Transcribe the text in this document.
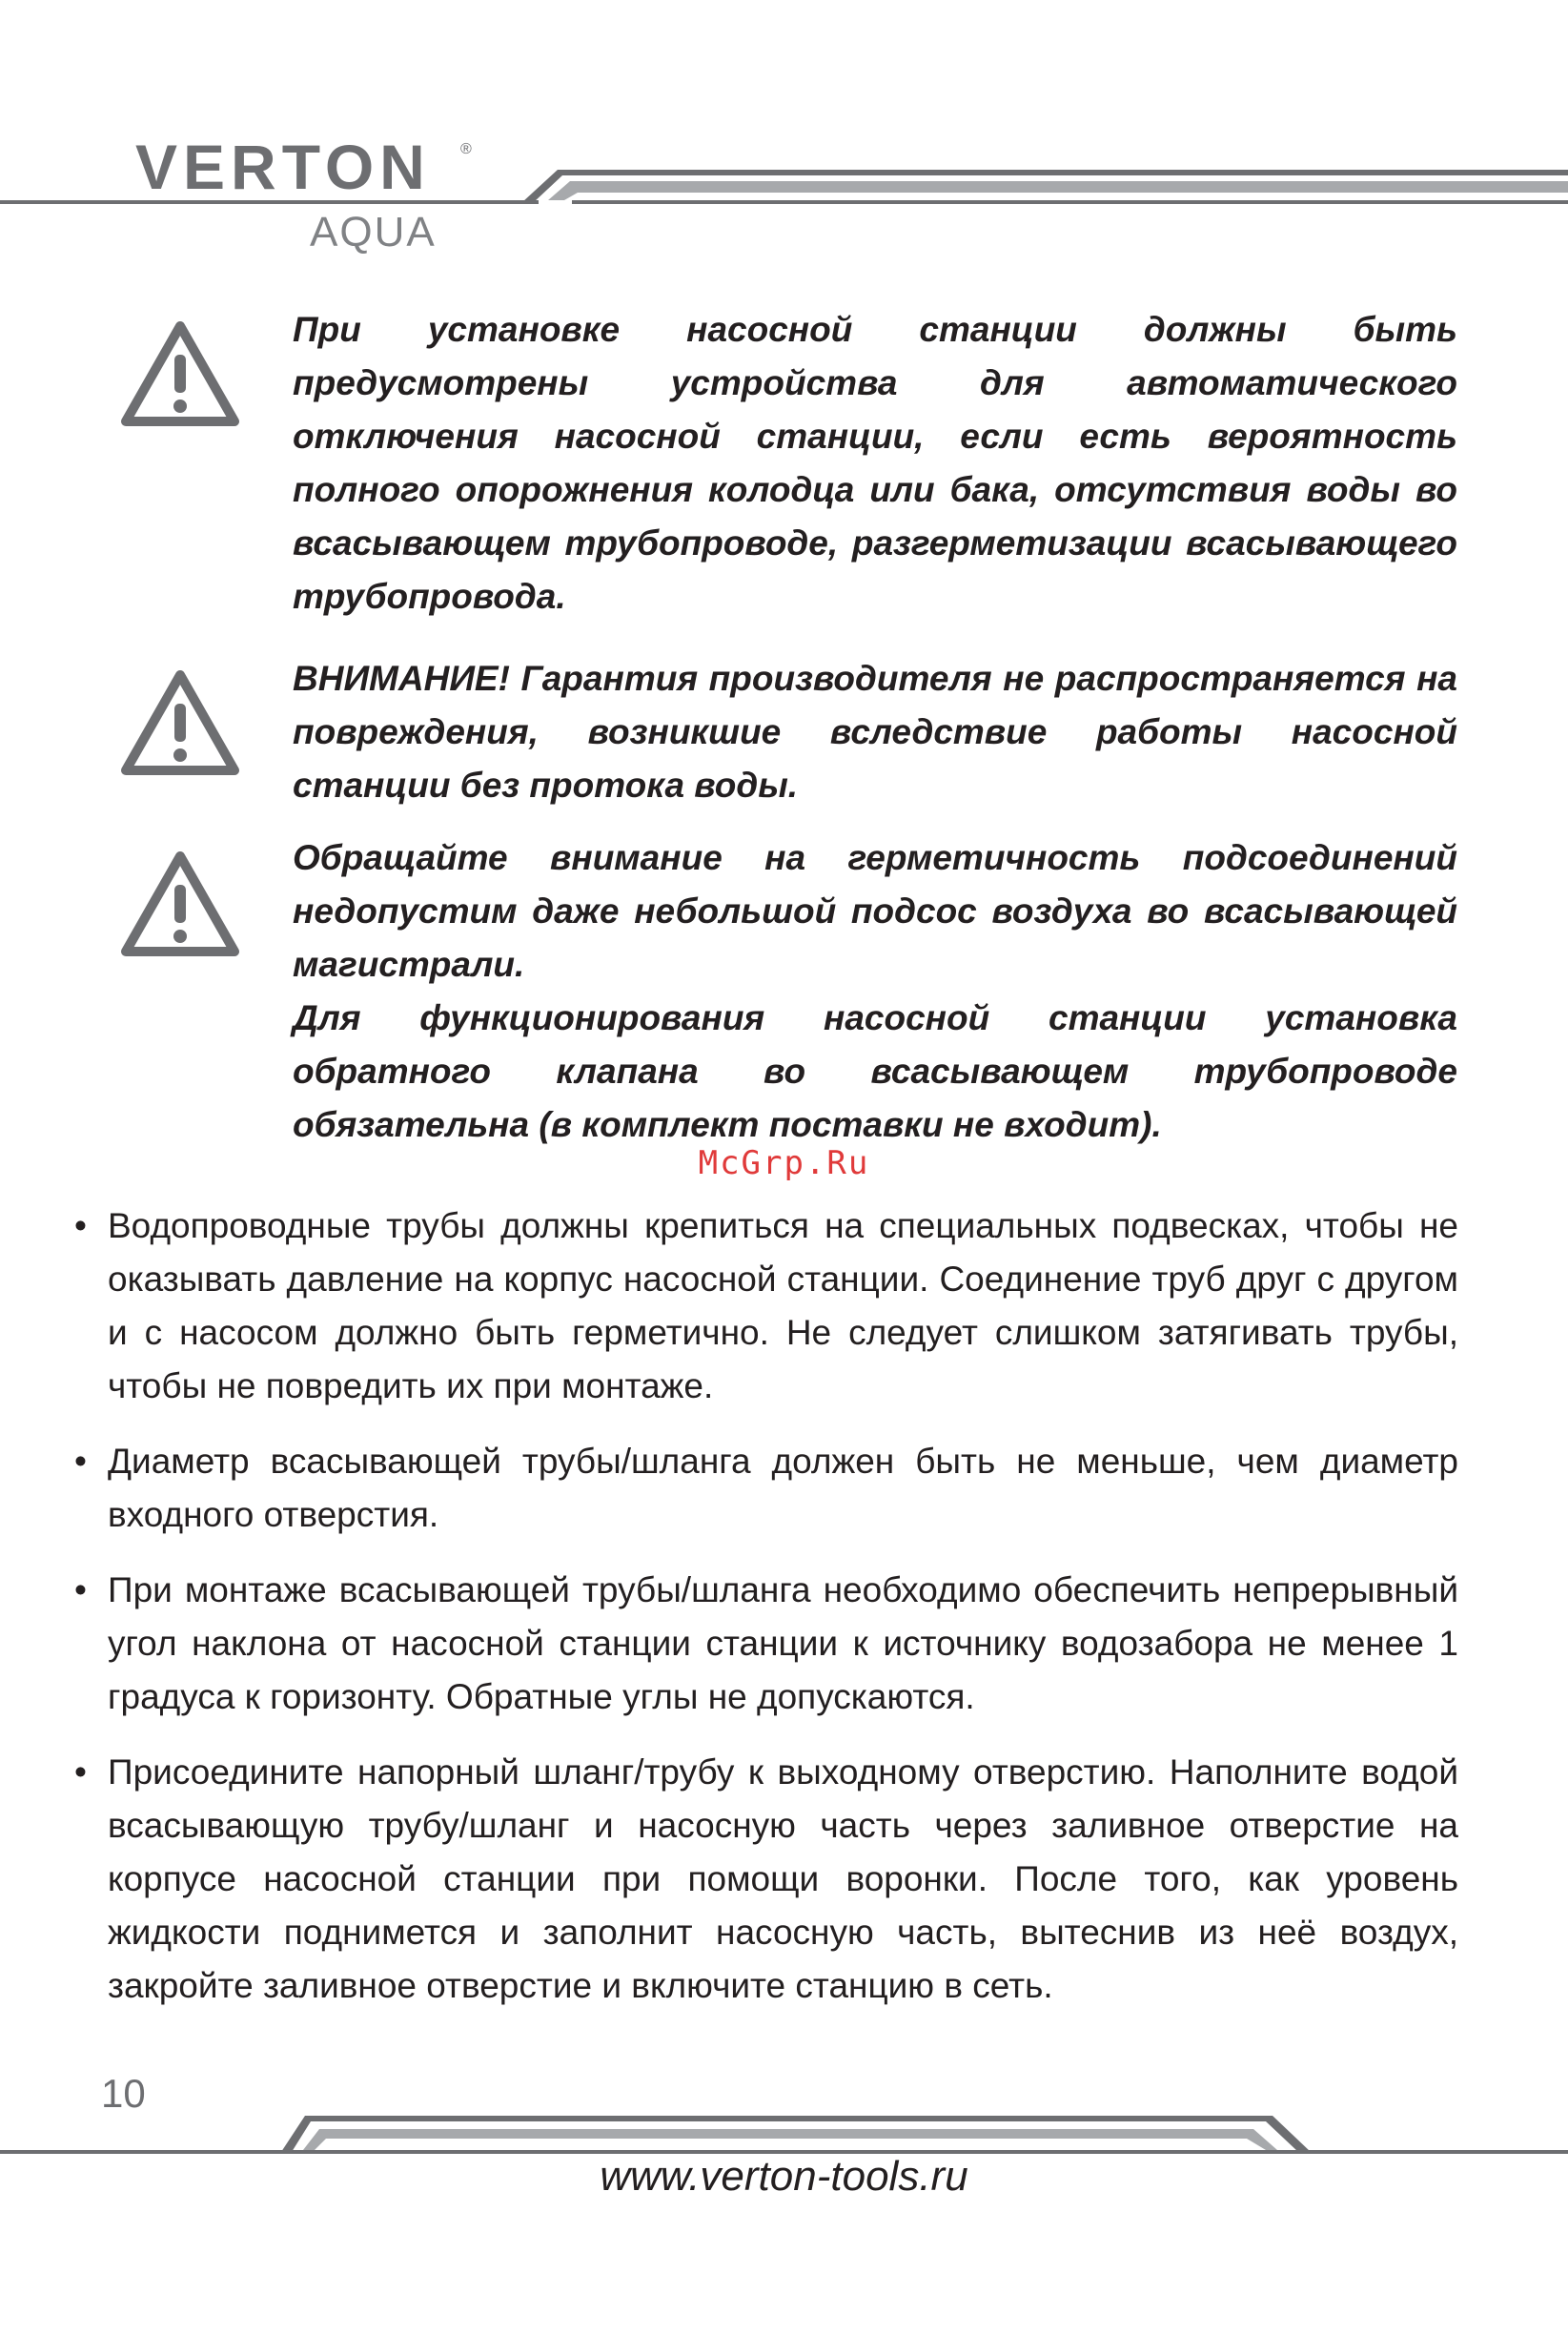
VERTON ®
AQUA

При установке насосной станции должны быть предусмотрены устройства для автоматического отключения насосной станции, если есть вероятность полного опорожнения колодца или бака, отсутствия воды во всасывающем трубопроводе, разгерметизации всасывающего трубопровода.

ВНИМАНИЕ! Гарантия производителя не распространяется на повреждения, возникшие вследствие работы насосной станции без протока воды.

Обращайте внимание на герметичность подсоединений недопустим даже небольшой подсос воздуха во всасывающей магистрали.

Для функционирования насосной станции установка обратного клапана во всасывающем трубопроводе обязательна (в комплект поставки не входит).

McGrp.Ru
• Водопроводные трубы должны крепиться на специальных подвесках, чтобы не оказывать давление на корпус насосной станции. Соединение труб друг с другом и с насосом должно быть герметично. Не следует слишком затягивать трубы, чтобы не повредить их при монтаже.
• Диаметр всасывающей трубы/шланга должен быть не меньше, чем диаметр входного отверстия.
• При монтаже всасывающей трубы/шланга необходимо обеспечить непрерывный угол наклона от насосной станции станции к источнику водозабора не менее 1 градуса к горизонту. Обратные углы не допускаются.
• Присоедините напорный шланг/трубу к выходному отверстию. Наполните водой всасывающую трубу/шланг и насосную часть через заливное отверстие на корпусе насосной станции при помощи воронки. После того, как уровень жидкости поднимется и заполнит насосную часть, вытеснив из неё воздух, закройте заливное отверстие и включите станцию в сеть.
10
www.verton-tools.ru
